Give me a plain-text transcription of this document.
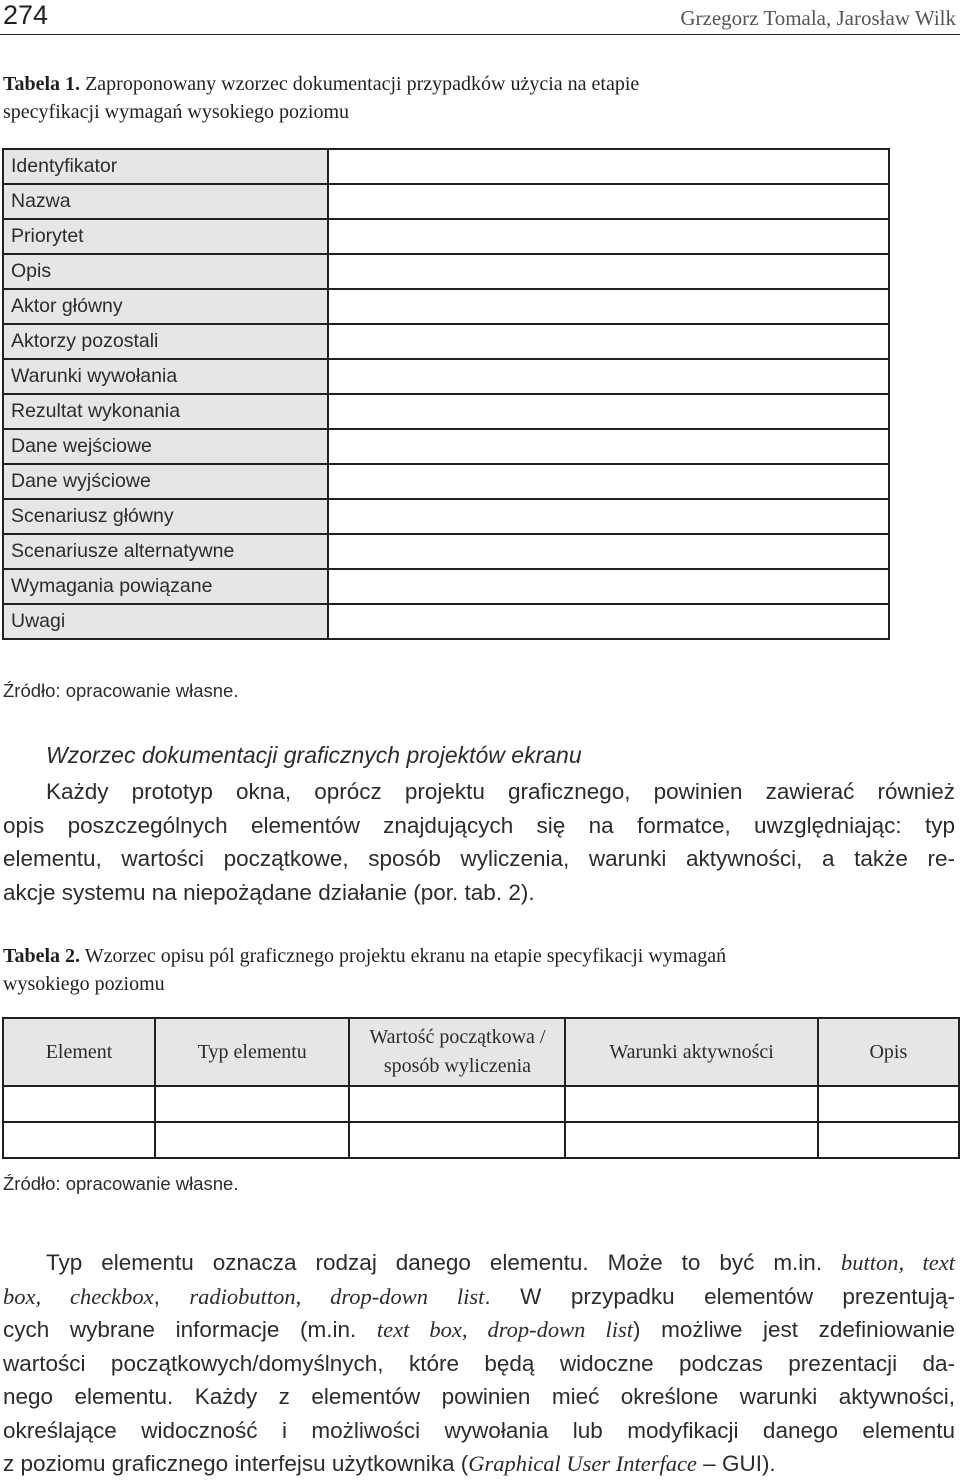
274	Grzegorz Tomala, Jarosław Wilk
Tabela 1. Zaproponowany wzorzec dokumentacji przypadków użycia na etapie
specyfikacji wymagań wysokiego poziomu
Identyfikator	
Nazwa	
Priorytet	
Opis	
Aktor główny	
Aktorzy pozostali	
Warunki wywołania	
Rezultat wykonania	
Dane wejściowe	
Dane wyjściowe	
Scenariusz główny	
Scenariusze alternatywne	
Wymagania powiązane	
Uwagi	
Źródło: opracowanie własne.
Wzorzec dokumentacji graficznych projektów ekranu
Każdy prototyp okna, oprócz projektu graficznego, powinien zawierać również
opis poszczególnych elementów znajdujących się na formatce, uwzględniając: typ
elementu, wartości początkowe, sposób wyliczenia, warunki aktywności, a także re-
akcje systemu na niepożądane działanie (por. tab. 2).
Tabela 2. Wzorzec opisu pól graficznego projektu ekranu na etapie specyfikacji wymagań
wysokiego poziomu
Element	Typ elementu	Wartość początkowa / sposób wyliczenia	Warunki aktywności	Opis

Źródło: opracowanie własne.
Typ elementu oznacza rodzaj danego elementu. Może to być m.in. button, text
box, checkbox, radiobutton, drop-down list. W przypadku elementów prezentują-
cych wybrane informacje (m.in. text box, drop-down list) możliwe jest zdefiniowanie
wartości początkowych/domyślnych, które będą widoczne podczas prezentacji da-
nego elementu. Każdy z elementów powinien mieć określone warunki aktywności,
określające widoczność i możliwości wywołania lub modyfikacji danego elementu
z poziomu graficznego interfejsu użytkownika (Graphical User Interface – GUI).
